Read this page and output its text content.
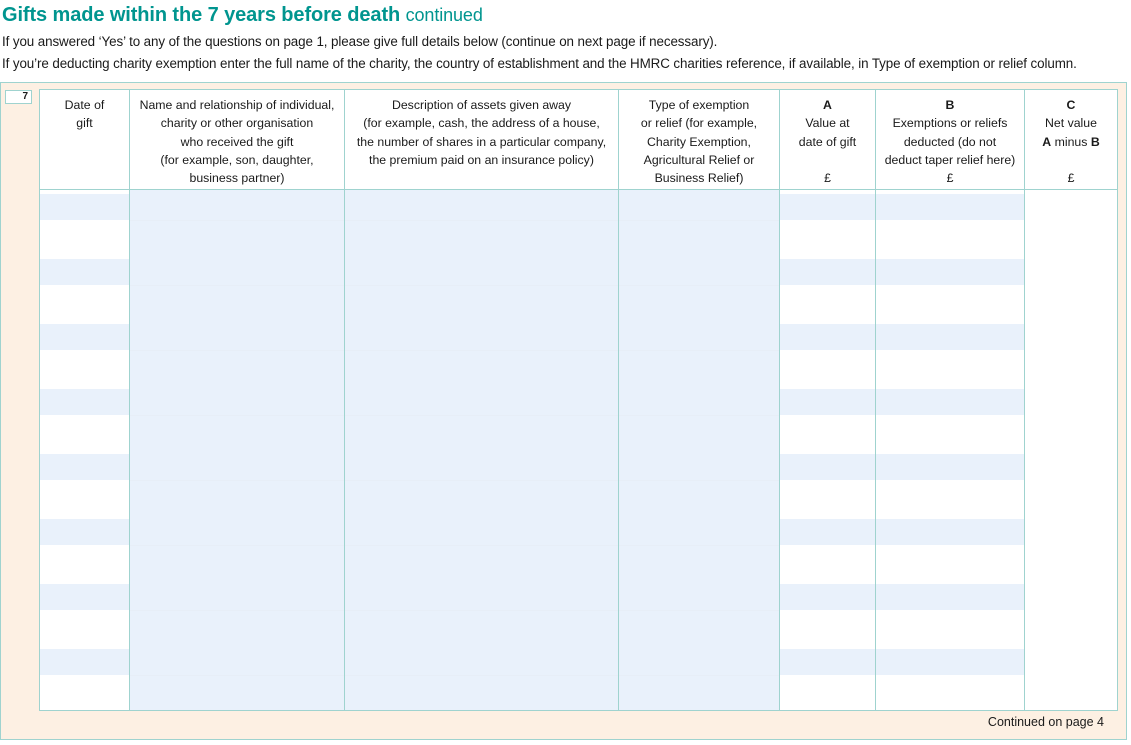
Gifts made within the 7 years before death continued
If you answered ‘Yes’ to any of the questions on page 1, please give full details below (continue on next page if necessary).
If you’re deducting charity exemption enter the full name of the charity, the country of establishment and the HMRC charities reference, if available, in Type of exemption or relief column.
7
Date of
gift
Name and relationship of individual,
charity or other organisation
who received the gift
(for example, son, daughter,
business partner)
Description of assets given away
(for example, cash, the address of a house,
the number of shares in a particular company,
the premium paid on an insurance policy)
Type of exemption
or relief (for example,
Charity Exemption,
Agricultural Relief or
Business Relief)
A
Value at
date of gift
£
B
Exemptions or reliefs
deducted (do not
deduct taper relief here)
£
C
Net value
A minus B
£
Continued on page 4
